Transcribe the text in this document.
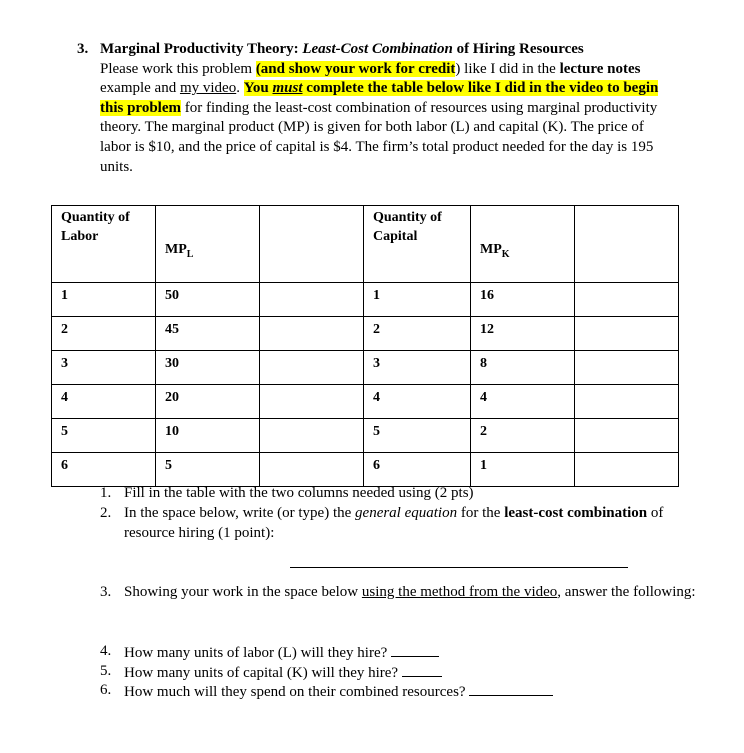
3. Marginal Productivity Theory: Least-Cost Combination of Hiring Resources
Please work this problem (and show your work for credit) like I did in the lecture notes example and my video. You must complete the table below like I did in the video to begin this problem for finding the least-cost combination of resources using marginal productivity theory. The marginal product (MP) is given for both labor (L) and capital (K). The price of labor is $10, and the price of capital is $4. The firm’s total product needed for the day is 195 units.
Quantity of Labor	$MP_L$		Quantity of Capital	$MP_K$	
1	50		1	16	
2	45		2	12	
3	30		3	8	
4	20		4	4	
5	10		5	2	
6	5		6	1	
1. Fill in the table with the two columns needed using (2 pts)
2. In the space below, write (or type) the general equation for the least-cost combination of resource hiring (1 point):
3. Showing your work in the space below using the method from the video, answer the following:
4. How many units of labor (L) will they hire?
5. How many units of capital (K) will they hire?
6. How much will they spend on their combined resources?
